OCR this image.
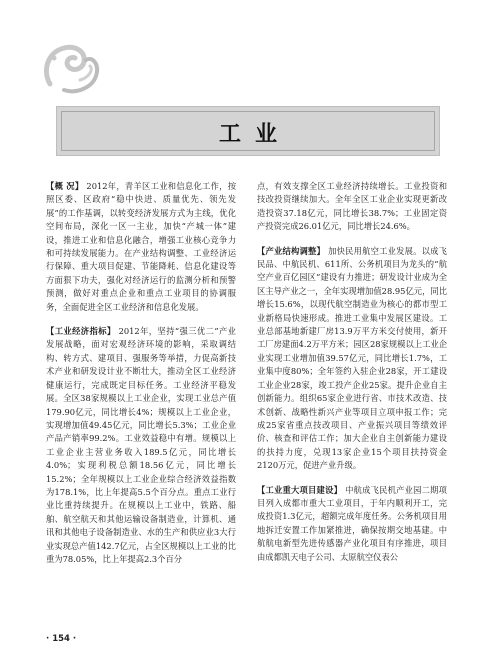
工业

【概 况】 2012年，青羊区工业和信息化工作，按照区委、区政府“稳中快进、质量优先、领先发展”的工作基调，以转变经济发展方式为主线，优化空间布局，深化一区一主业，加快“产城一体”建设，推进工业和信息化融合，增强工业核心竞争力和可持续发展能力。在产业结构调整、工业经济运行保障、重大项目促建、节能降耗、信息化建设等方面狠下功夫，强化对经济运行的监测分析和预警预测，做好对重点企业和重点工业项目的协调服务，全面促进全区工业经济和信息化发展。

【工业经济指标】 2012年，坚持“强三优二”产业发展战略，面对宏观经济环境的影响，采取调结构、转方式、建项目、强服务等举措，力促高新技术产业和研发设计业不断壮大，推动全区工业经济健康运行，完成既定目标任务。工业经济平稳发展。全区38家规模以上工业企业，实现工业总产值179.90亿元，同比增长4%；规模以上工业企业，实现增加值49.45亿元，同比增长5.3%；工业企业产品产销率99.2%。工业效益稳中有增。规模以上工业企业主营业务收入189.5亿元，同比增长4.0%；实现利税总额18.56亿元，同比增长15.2%；全年规模以上工业企业综合经济效益指数为178.1%，比上年提高5.5个百分点。重点工业行业比重持续提升。在规模以上工业中，铁路、船舶、航空航天和其他运输设备制造业，计算机、通讯和其他电子设备制造业、水的生产和供应业3大行业实现总产值142.7亿元，占全区规模以上工业的比重为78.05%，比上年提高2.3个百分

点，有效支撑全区工业经济持续增长。工业投资和技改投资继续加大。全年全区工业企业实现更新改造投资37.18亿元，同比增长38.7%；工业固定资产投资完成26.01亿元，同比增长24.6%。

【产业结构调整】 加快民用航空工业发展。以成飞民品、中航民机、611所、公务机项目为龙头的“航空产业百亿园区”建设有力推进；研发设计业成为全区主导产业之一，全年实现增加值28.95亿元，同比增长15.6%，以现代航空制造业为核心的都市型工业新格局快速形成。推进工业集中发展区建设。工业总部基地新建厂房13.9万平方米交付使用，新开工厂房建面4.2万平方米；园区28家规模以上工业企业实现工业增加值39.57亿元，同比增长1.7%，工业集中度80%；全年签约入驻企业28家，开工建设工业企业28家，竣工投产企业25家。提升企业自主创新能力。组织65家企业进行省、市技术改造、技术创新、战略性新兴产业等项目立项申报工作；完成25家省重点技改项目、产业振兴项目等绩效评价、核查和评估工作；加大企业自主创新能力建设的扶持力度，兑现13家企业15个项目扶持资金2120万元，促进产业升级。

【工业重大项目建设】 中航成飞民机产业园二期项目列入成都市重大工业项目，于年内顺利开工，完成投资1.3亿元，超额完成年度任务。公务机项目用地拆迁安置工作加紧推进，确保按期交地基建。中航航电新型先进传感器产业化项目有序推进，项目由成都凯天电子公司、太原航空仪表公

· 154 ·
